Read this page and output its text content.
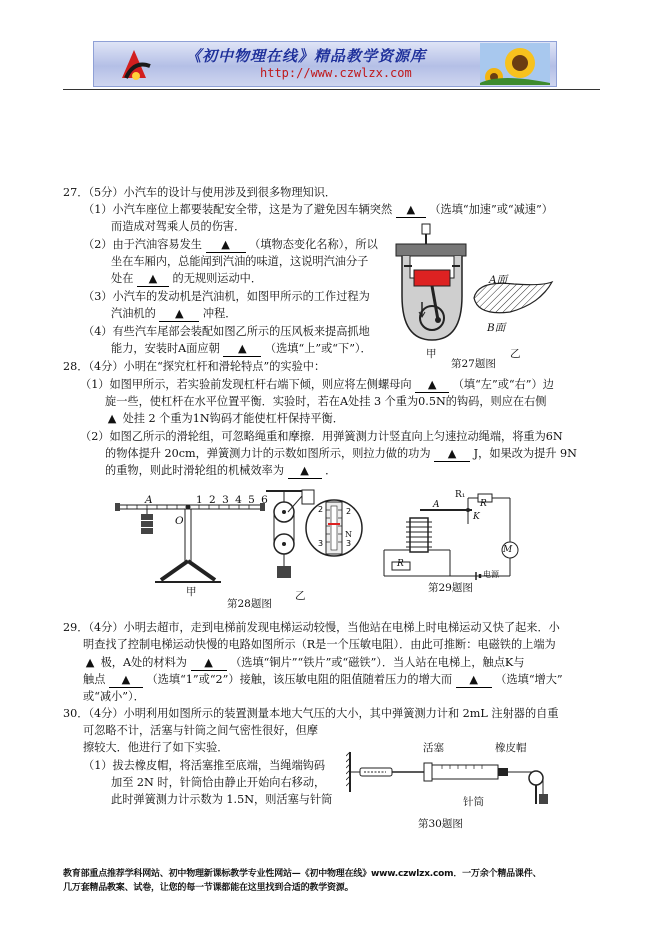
《初中物理在线》精品教学资源库
http://www.czwlzx.com
27．（5分）小汽车的设计与使用涉及到很多物理知识．
（1）小汽车座位上都要装配安全带，这是为了避免因车辆突然 ▲ （选填“加速”或“减速”）
而造成对驾乘人员的伤害．
（2）由于汽油容易发生 ▲ （填物态变化名称），所以
坐在车厢内，总能闻到汽油的味道，这说明汽油分子
处在 ▲ 的无规则运动中．
（3）小汽车的发动机是汽油机，如图甲所示的工作过程为
汽油机的 ▲ 冲程．
（4）有些汽车尾部会装配如图乙所示的压风板来提高抓地
能力，安装时A面应朝 ▲ （选填“上”或“下”）．	甲
A面
B面
乙
第27题图
28．（4分）小明在“探究杠杆和滑轮特点”的实验中：
（1）如图甲所示，若实验前发现杠杆右端下倾，则应将左侧螺母向 ▲ （填“左”或“右”）边
旋一些，使杠杆在水平位置平衡．实验时，若在A处挂 3 个重为0.5N的钩码，则应在右侧
▲ 处挂 2 个重为1N钩码才能使杠杆保持平衡．
（2）如图乙所示的滑轮组，可忽略绳重和摩擦．用弹簧测力计竖直向上匀速拉动绳端，将重为6N
的物体提升 20cm，弹簧测力计的示数如图所示，则拉力做的功为 ▲ J，如果改为提升 9N
的重物，则此时滑轮组的机械效率为 ▲ ．
A
O
1 2 3 4 5 6
甲
2
3
2
3
N
乙
第28题图
R₁
R
K
A
M
R
电源
第29题图
29．（4分）小明去超市，走到电梯前发现电梯运动较慢，当他站在电梯上时电梯运动又快了起来．小
明查找了控制电梯运动快慢的电路如图所示（R是一个压敏电阻）．由此可推断：电磁铁的上端为
▲ 极，A处的材料为 ▲ （选填“铜片”“铁片”或“磁铁”）．当人站在电梯上，触点K与
触点 ▲ （选填“1”或“2”）接触，该压敏电阻的阻值随着压力的增大而 ▲ （选填“增大”
或“减小”）．
30．（4分）小明利用如图所示的装置测量本地大气压的大小，其中弹簧测力计和 2mL 注射器的自重
可忽略不计，活塞与针筒之间气密性很好，但摩
擦较大．他进行了如下实验．
（1）拔去橡皮帽，将活塞推至底端，当绳端钩码
加至 2N 时，针筒恰由静止开始向右移动，
此时弹簧测力计示数为 1.5N，则活塞与针筒
活塞	橡皮帽
针筒
第30题图
教育部重点推荐学科网站、初中物理新课标教学专业性网站—《初中物理在线》www.czwlzx.com．一万余个精品课件、
几万套精品教案、试卷，让您的每一节课都能在这里找到合适的教学资源。
